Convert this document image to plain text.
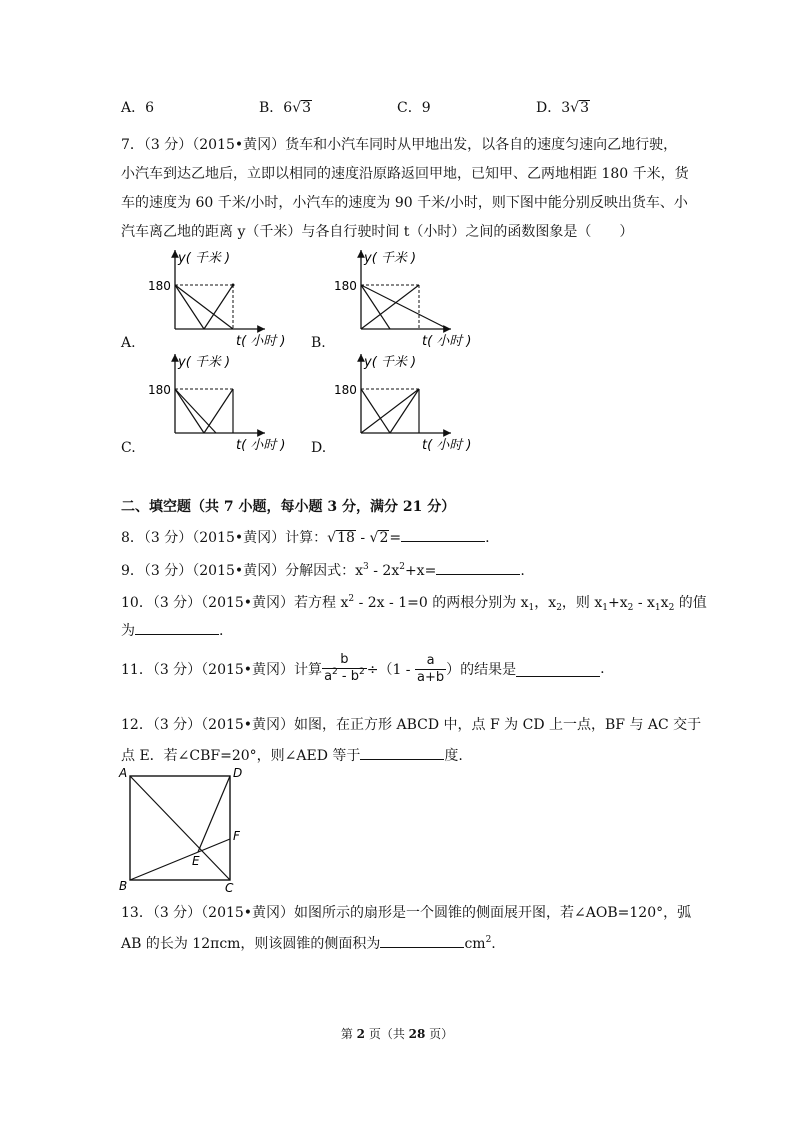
A．6	B．6√3	C．9	D．3√3
7．（3 分）（2015•黄冈）货车和小汽车同时从甲地出发，以各自的速度匀速向乙地行驶，
小汽车到达乙地后，立即以相同的速度沿原路返回甲地，已知甲、乙两地相距 180 千米，货
车的速度为 60 千米/小时，小汽车的速度为 90 千米/小时，则下图中能分别反映出货车、小
汽车离乙地的距离 y（千米）与各自行驶时间 t（小时）之间的函数图象是（　　）
y( 千米 )
180
t( 小时 )
y( 千米 )
180
t( 小时 )
y( 千米 )
180
t( 小时 )
y( 千米 )
180
t( 小时 )
A.	B.
C.	D.
二、填空题（共 7 小题，每小题 3 分，满分 21 分）
8．（3 分）（2015•黄冈）计算：√18 - √2=	.
9．（3 分）（2015•黄冈）分解因式：$x^3 - 2x^2+x=$	.
10．（3 分）（2015•黄冈）若方程 $x^2 - 2x - 1=0$ 的两根分别为 $x_1$，$x_2$，则 $x_1+x_2 - x_1x_2$ 的值
为	.
11．（3 分）（2015•黄冈）计算 $\frac{b}{a^2 - b^2} \div(1 - \frac{a}{a+b}$ ）的结果是	.
12．（3 分）（2015•黄冈）如图，在正方形 ABCD 中，点 F 为 CD 上一点，BF 与 AC 交于
点 E．若∠CBF=20°，则∠AED 等于	度.
A	D
B	C
E
F
13．（3 分）（2015•黄冈）如图所示的扇形是一个圆锥的侧面展开图，若∠AOB=120°，弧
AB 的长为 12πcm，则该圆锥的侧面积为	$cm^2$.
第 2 页（共 28 页）
